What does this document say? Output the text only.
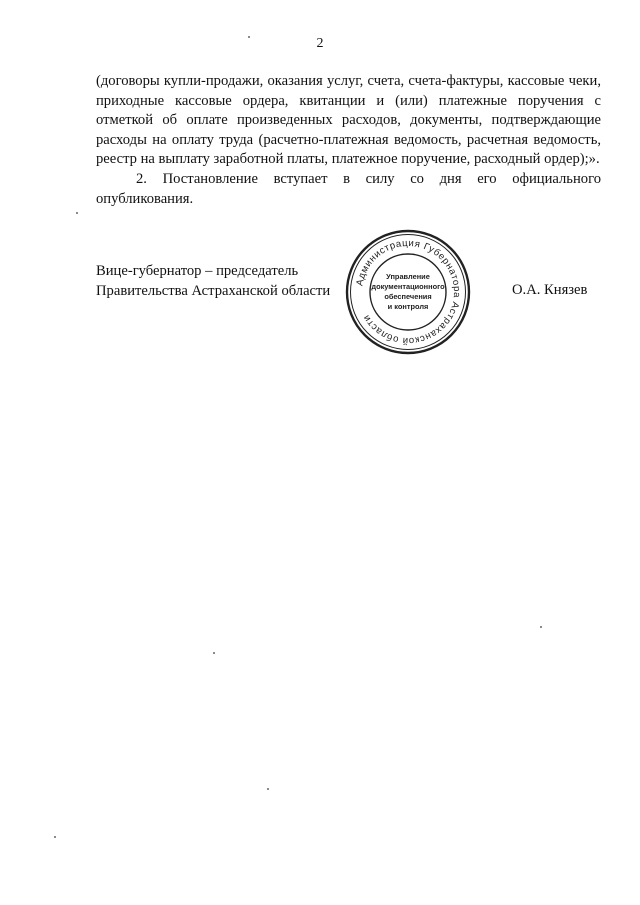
2

(договоры купли-продажи, оказания услуг, счета, счета-фактуры, кассовые чеки, приходные кассовые ордера, квитанции и (или) платежные поручения с отметкой об оплате произведенных расходов, документы, подтверждающие расходы на оплату труда (расчетно-платежная ведомость, расчетная ведомость, реестр на выплату заработной платы, платежное поручение, расходный ордер);».

2. Постановление вступает в силу со дня его официального опубликования.

Вице-губернатор – председатель
Правительства Астраханской области
Администрация Губернатора Астраханской области
Управление
документационного
обеспечения
и контроля
О.А. Князев
